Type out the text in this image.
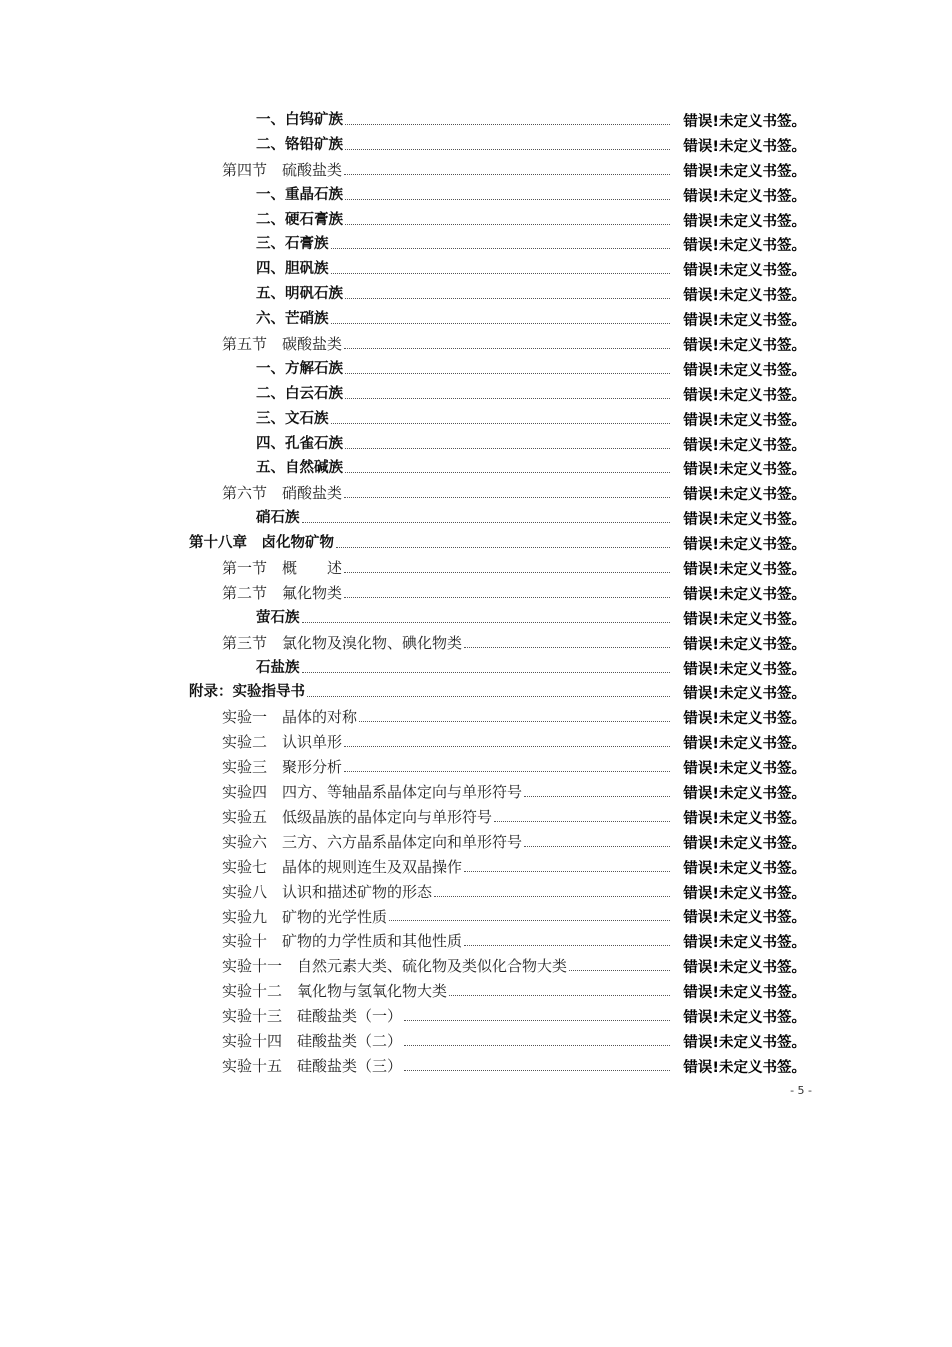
一、白钨矿族	错误!未定义书签。
二、铬铅矿族	错误!未定义书签。
第四节　硫酸盐类	错误!未定义书签。
一、重晶石族	错误!未定义书签。
二、硬石膏族	错误!未定义书签。
三、石膏族	错误!未定义书签。
四、胆矾族	错误!未定义书签。
五、明矾石族	错误!未定义书签。
六、芒硝族	错误!未定义书签。
第五节　碳酸盐类	错误!未定义书签。
一、方解石族	错误!未定义书签。
二、白云石族	错误!未定义书签。
三、文石族	错误!未定义书签。
四、孔雀石族	错误!未定义书签。
五、自然碱族	错误!未定义书签。
第六节　硝酸盐类	错误!未定义书签。
硝石族	错误!未定义书签。
第十八章　卤化物矿物	错误!未定义书签。
第一节　概　　述	错误!未定义书签。
第二节　氟化物类	错误!未定义书签。
萤石族	错误!未定义书签。
第三节　氯化物及溴化物、碘化物类	错误!未定义书签。
石盐族	错误!未定义书签。
附录：实验指导书	错误!未定义书签。
实验一　晶体的对称	错误!未定义书签。
实验二　认识单形	错误!未定义书签。
实验三　聚形分析	错误!未定义书签。
实验四　四方、等轴晶系晶体定向与单形符号	错误!未定义书签。
实验五　低级晶族的晶体定向与单形符号	错误!未定义书签。
实验六　三方、六方晶系晶体定向和单形符号	错误!未定义书签。
实验七　晶体的规则连生及双晶操作	错误!未定义书签。
实验八　认识和描述矿物的形态	错误!未定义书签。
实验九　矿物的光学性质	错误!未定义书签。
实验十　矿物的力学性质和其他性质	错误!未定义书签。
实验十一　自然元素大类、硫化物及类似化合物大类	错误!未定义书签。
实验十二　氧化物与氢氧化物大类	错误!未定义书签。
实验十三　硅酸盐类（一）	错误!未定义书签。
实验十四　硅酸盐类（二）	错误!未定义书签。
实验十五　硅酸盐类（三）	错误!未定义书签。
- 5 -
